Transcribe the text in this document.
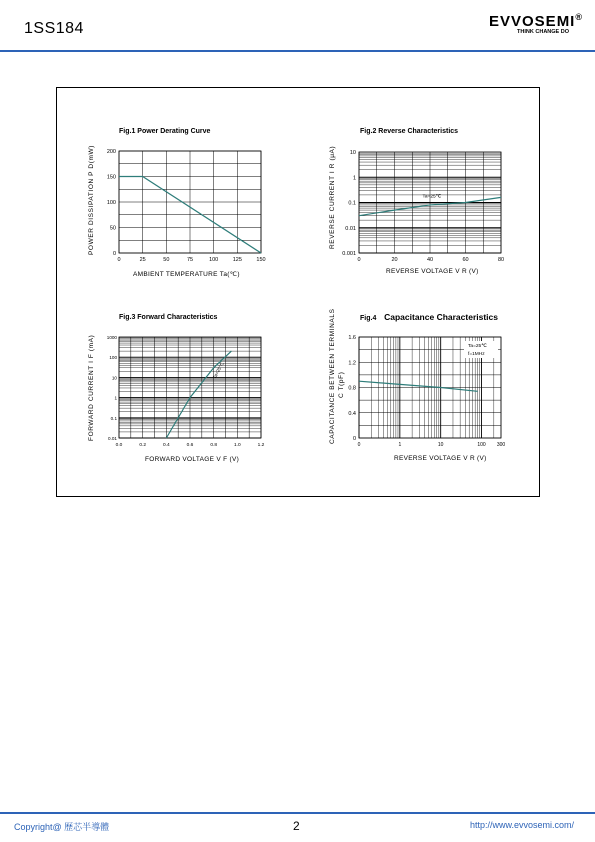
1SS184	EVVOSEMI®
THINK CHANGE DO
Fig.1 Power Derating Curve	Fig.2 Reverse Characteristics
Fig.3 Forward Characteristics	Fig.4 Capacitance Characteristics
POWER DISSIPATION P D(mW)
AMBIENT TEMPERATURE Ta(℃)
REVERSE CURRENT I R (μA)
REVERSE VOLTAGE V R (V)
FORWARD CURRENT I F (mA)
FORWARD VOLTAGE V F (V)
CAPACITANCE BETWEEN TERMINALS C T(pF)
REVERSE VOLTAGE V R (V)
0	25	50	75	100	125	150
200
150
100
50
0
0	20	40	60	80
10
1
0.1
0.01
0.001
Ta=25℃
0.0	0.2	0.4	0.6	0.8	1.0	1.2
1000
100
10
1
0.1
0.01
Ta=25℃
0	1	10	100 300
1.6
1.2
0.8
0.4
0
Ta=25℃
f=1MHz
Copyright@ 歷芯半導體	2	http://www.evvosemi.com/
